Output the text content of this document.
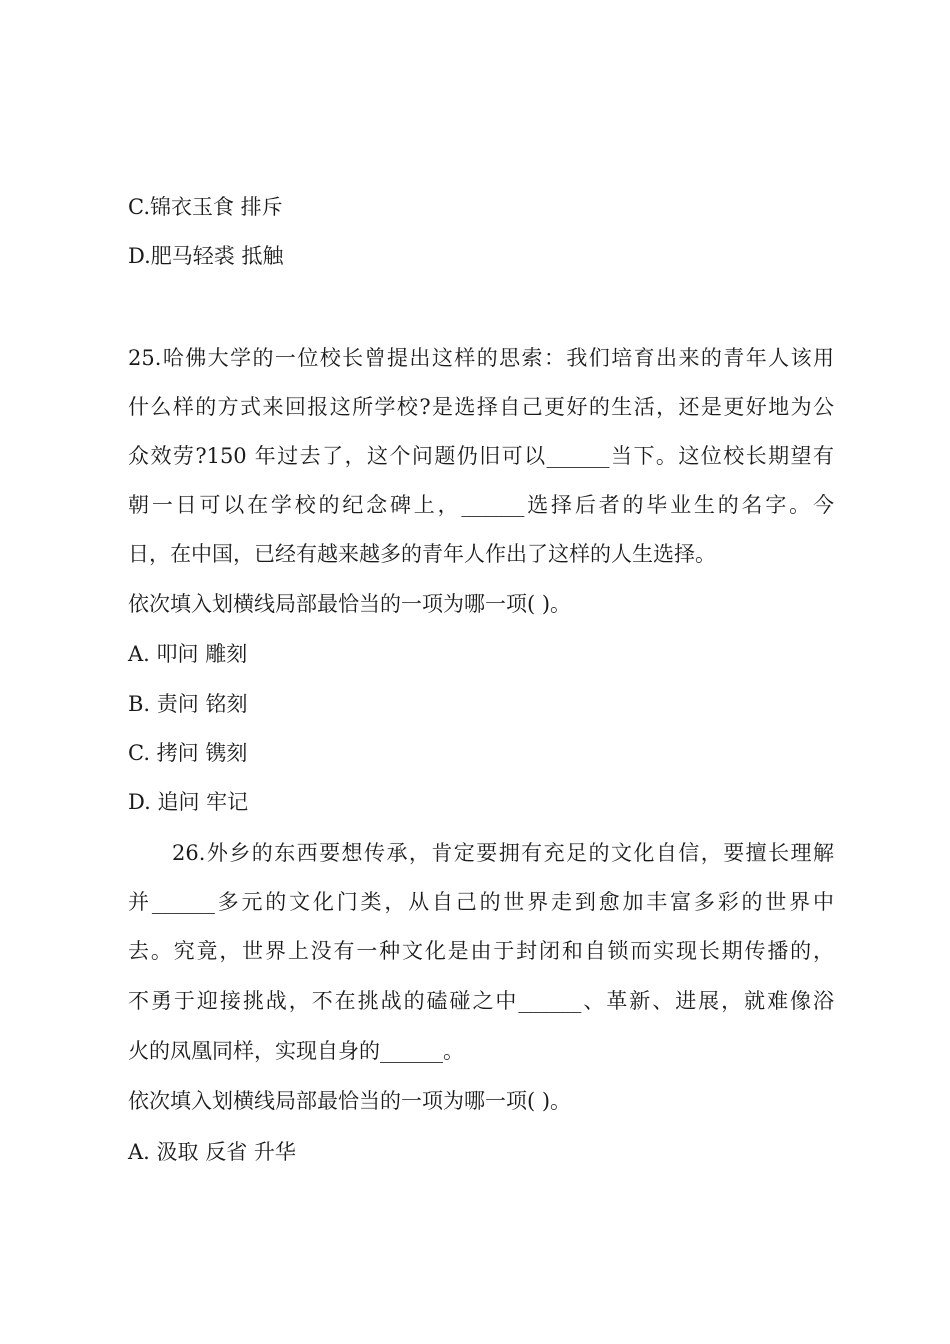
C.锦衣玉食 排斥
D.肥马轻裘 抵触
25.哈佛大学的一位校长曾提出这样的思索：我们培育出来的青年人该用
什么样的方式来回报这所学校?是选择自己更好的生活，还是更好地为公
众效劳?150 年过去了，这个问题仍旧可以______当下。这位校长期望有
朝一日可以在学校的纪念碑上，______选择后者的毕业生的名字。今
日，在中国，已经有越来越多的青年人作出了这样的人生选择。
依次填入划横线局部最恰当的一项为哪一项( )。
A. 叩问 雕刻
B. 责问 铭刻
C. 拷问 镌刻
D. 追问 牢记
26.外乡的东西要想传承，肯定要拥有充足的文化自信，要擅长理解
并______多元的文化门类，从自己的世界走到愈加丰富多彩的世界中
去。究竟，世界上没有一种文化是由于封闭和自锁而实现长期传播的，
不勇于迎接挑战，不在挑战的磕碰之中______、革新、进展，就难像浴
火的凤凰同样，实现自身的______。
依次填入划横线局部最恰当的一项为哪一项( )。
A. 汲取 反省 升华
